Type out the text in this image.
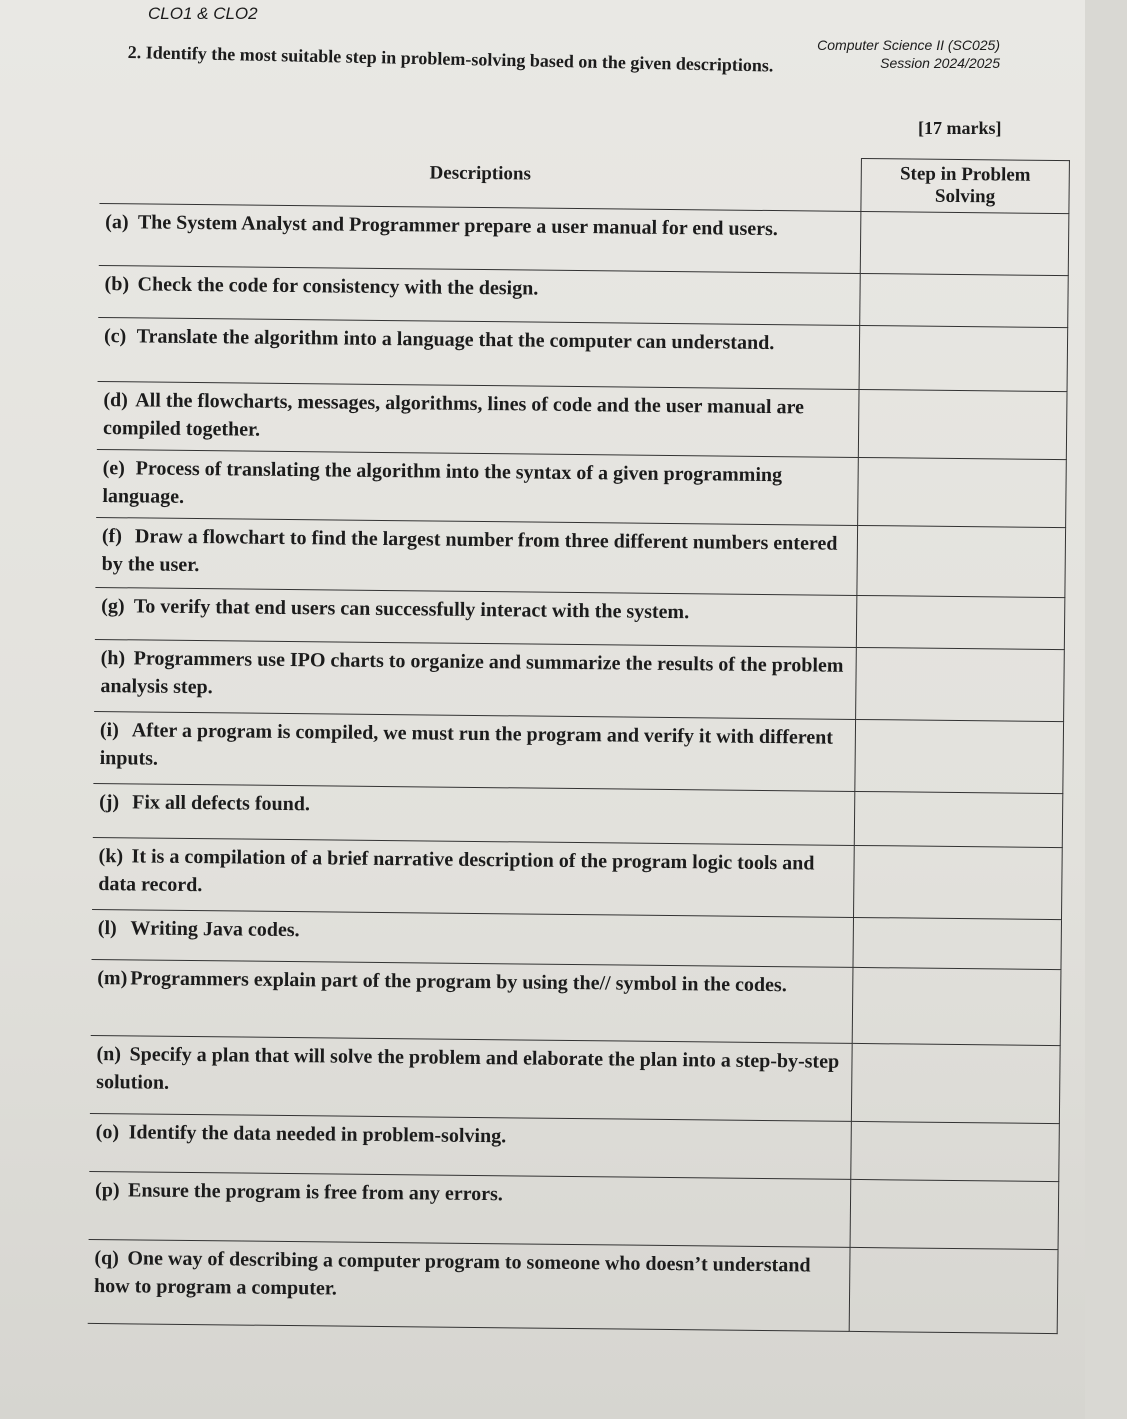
CLO1 & CLO2
Computer Science II (SC025)
Session 2024/2025
2. Identify the most suitable step in problem-solving based on the given descriptions.
[17 marks]
Descriptions	Step in Problem Solving
(a) The System Analyst and Programmer prepare a user manual for end users.	
(b) Check the code for consistency with the design.	
(c) Translate the algorithm into a language that the computer can understand.	
(d) All the flowcharts, messages, algorithms, lines of code and the user manual are compiled together.	
(e) Process of translating the algorithm into the syntax of a given programming language.	
(f) Draw a flowchart to find the largest number from three different numbers entered by the user.	
(g) To verify that end users can successfully interact with the system.	
(h) Programmers use IPO charts to organize and summarize the results of the problem analysis step.	
(i) After a program is compiled, we must run the program and verify it with different inputs.	
(j) Fix all defects found.	
(k) It is a compilation of a brief narrative description of the program logic tools and data record.	
(l) Writing Java codes.	
(m) Programmers explain part of the program by using the// symbol in the codes.	
(n) Specify a plan that will solve the problem and elaborate the plan into a step-by-step solution.	
(o) Identify the data needed in problem-solving.	
(p) Ensure the program is free from any errors.	
(q) One way of describing a computer program to someone who doesn’t understand how to program a computer.	
